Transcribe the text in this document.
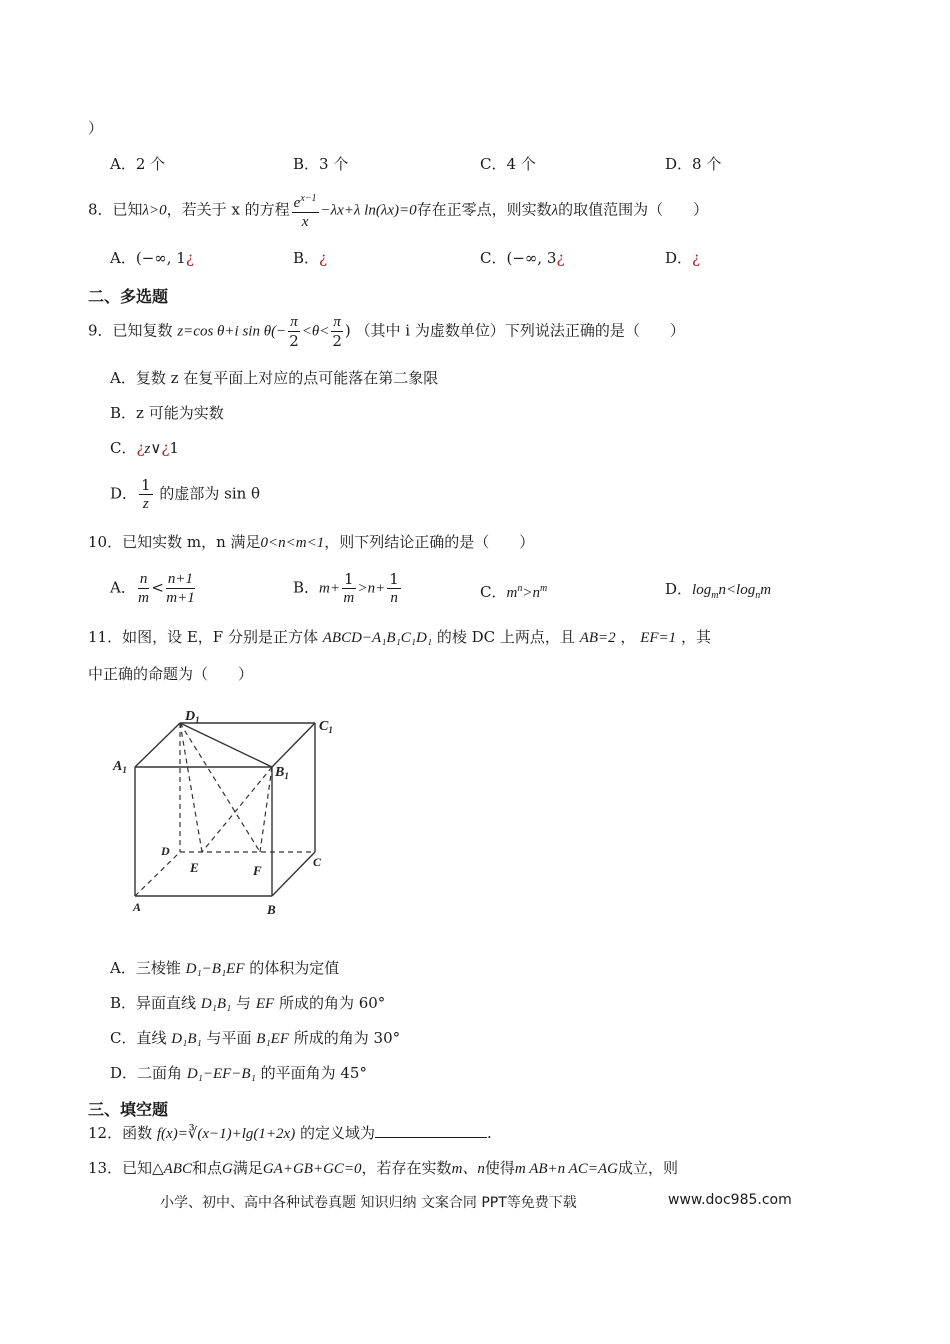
）
A．2 个	B．3 个	C．4 个	D．8 个
8．已知λ>0，若关于 x 的方程 $\frac{e^{x-1}}{x} -\lambda x+\lambda$ ln(λx)=0存在正零点，则实数λ的取值范围为（　　）
A．(−∞, 1¿	B．¿	C．(−∞, 3¿	D．¿
二、多选题
9．已知复数 z=cos θ+i $\sin \theta(- \frac{\pi}{2} <\theta< \frac{\pi}{2}$ ) （其中 i 为虚数单位）下列说法正确的是（　　）
A．复数 z 在复平面上对应的点可能落在第二象限
B．z 可能为实数
C．¿z∨¿1
D． $\frac{1}{z}$ 的虚部为 sin θ
10．已知实数 m，n 满足0<n<m<1，则下列结论正确的是（　　）
A． $\frac{n}{m} < \frac{n+1}{m+1}$	B．$m+ \frac{1}{m} >n+ \frac{1}{n}$	C．$m^n>n^m$	D．$\log_mn<\log_nm$
11．如图，设 E，F 分别是正方体 ABCD−A₁B₁C₁D₁ 的棱 DC 上两点，且 AB=2 ， EF=1 ，其
中正确的命题为（　　）
$D_1$	$C_1$
$A_1$	$B_1$
D
C
E	F
A	B
A．三棱锥 D₁−B₁EF 的体积为定值
B．异面直线 D₁B₁ 与 EF 所成的角为 60°
C．直线 D₁B₁ 与平面 B₁EF 所成的角为 30°
D．二面角 D₁−EF−B₁ 的平面角为 45°
三、填空题
12．函数 f(x)=∛(x−1)+lg(1+2x) 的定义域为	.
13．已知△ABC和点G满足GA+GB+GC=0，若存在实数m、n使得m AB+n AC=AG成立，则
小学、初中、高中各种试卷真题 知识归纳 文案合同 PPT等免费下载	www.doc985.com
